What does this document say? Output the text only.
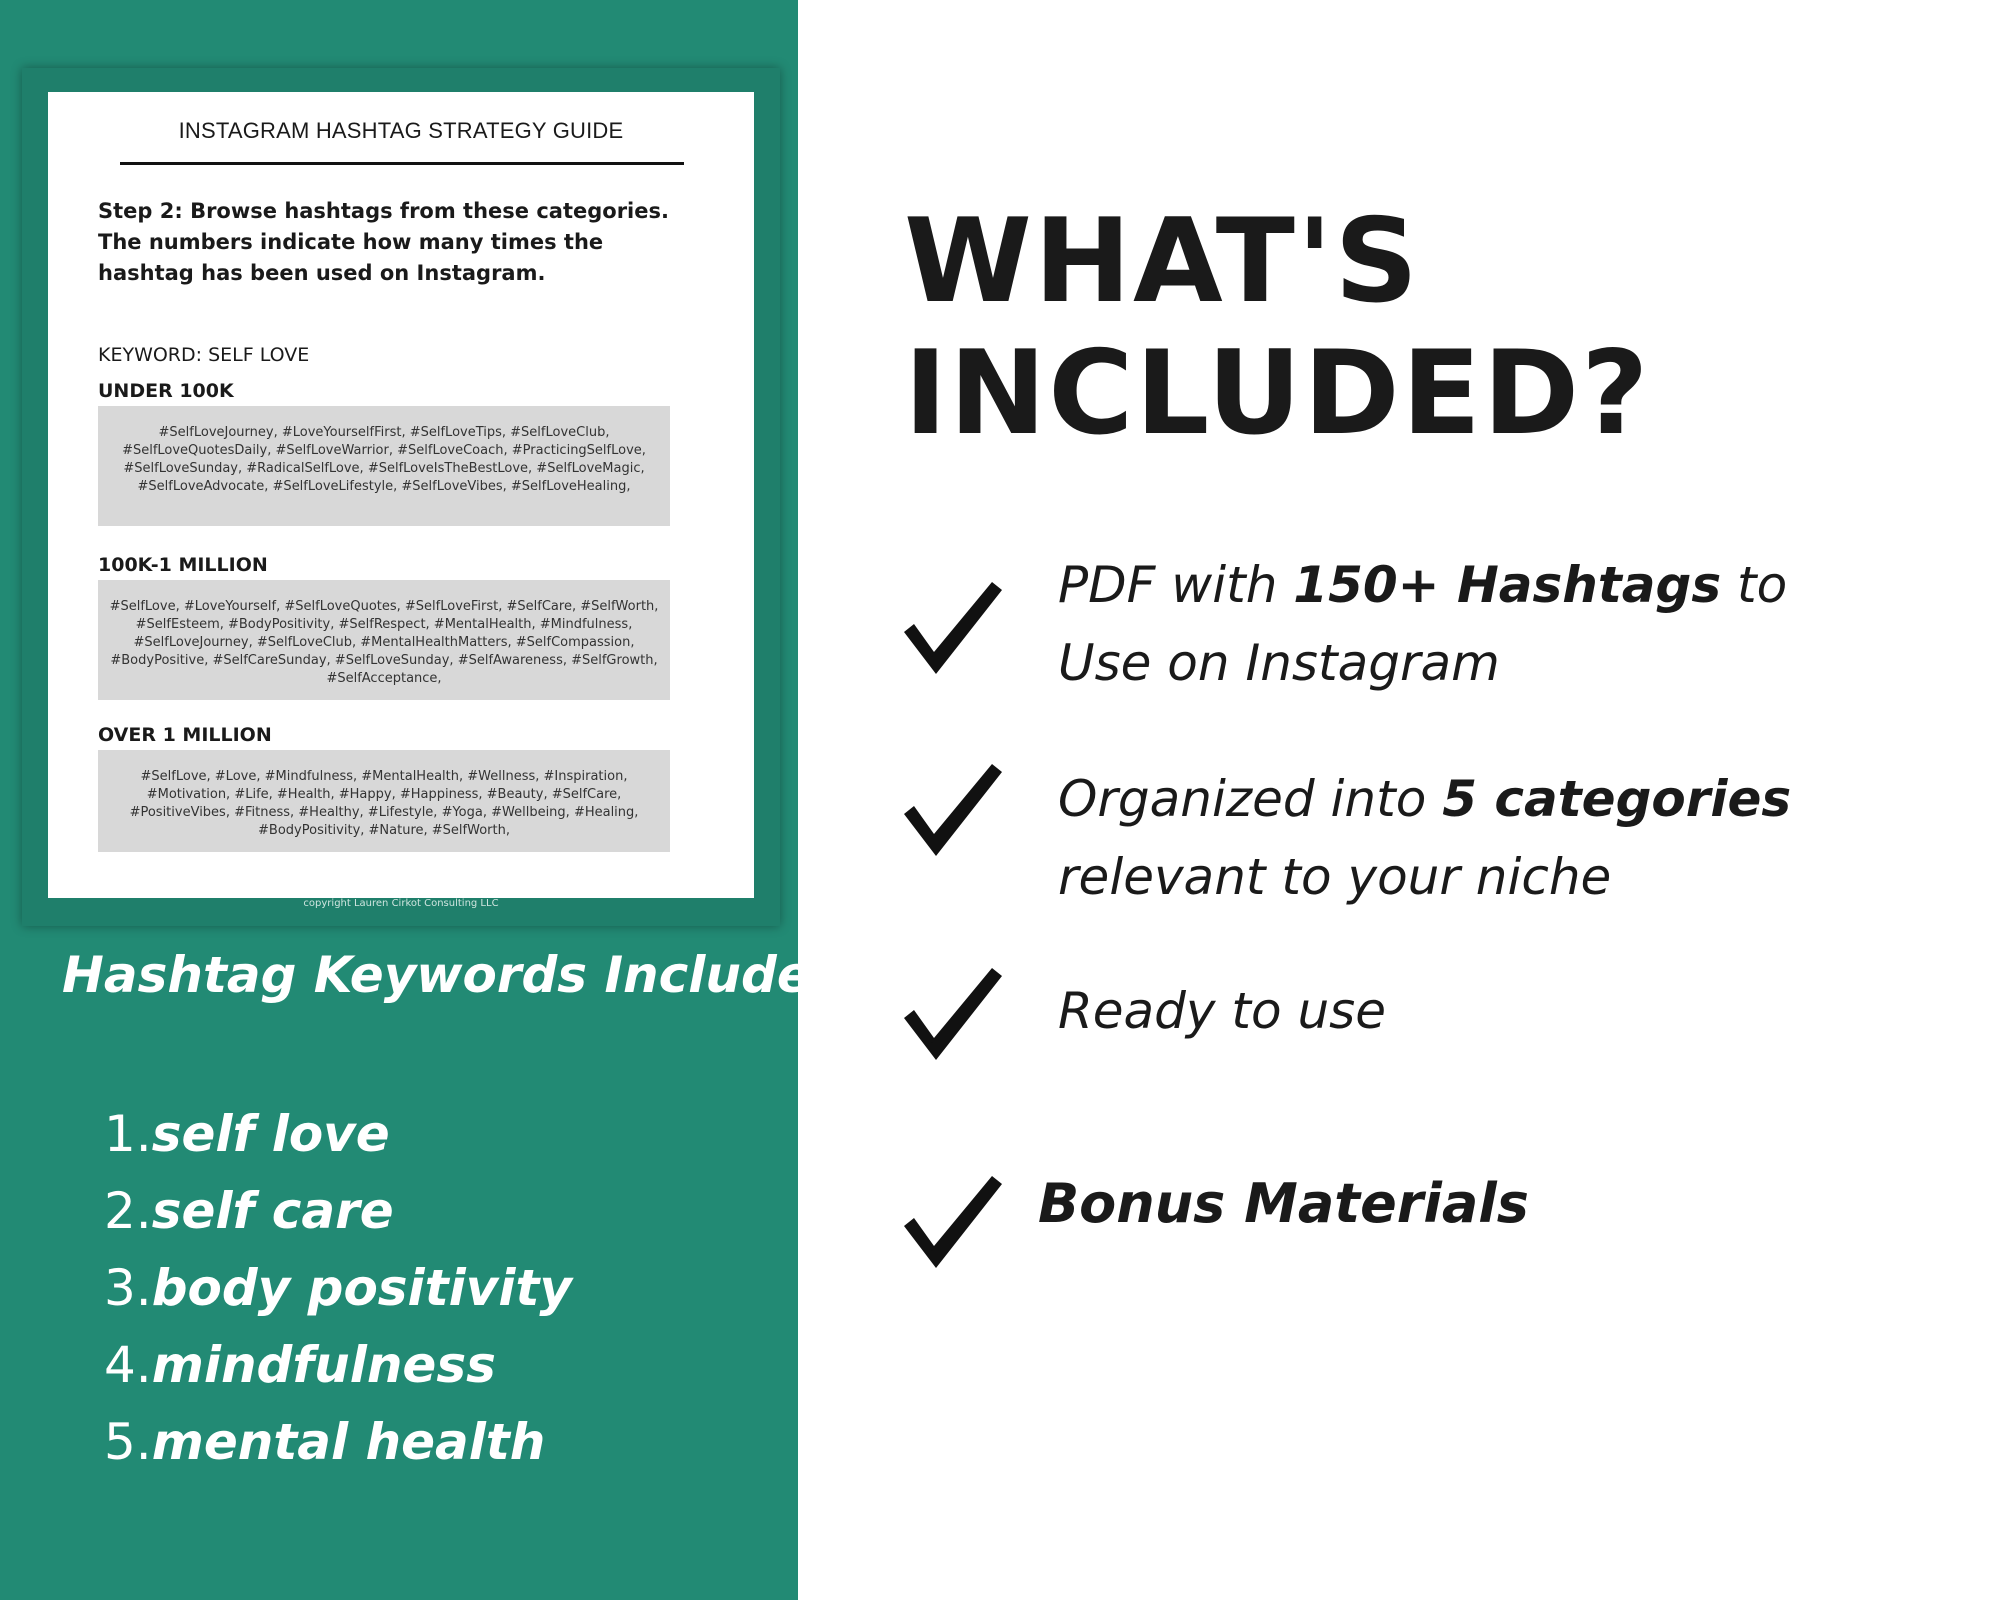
INSTAGRAM HASHTAG STRATEGY GUIDE
Step 2: Browse hashtags from these categories. The numbers indicate how many times the hashtag has been used on Instagram.
KEYWORD: SELF LOVE
UNDER 100K
#SelfLoveJourney, #LoveYourselfFirst, #SelfLoveTips, #SelfLoveClub, #SelfLoveQuotesDaily, #SelfLoveWarrior, #SelfLoveCoach, #PracticingSelfLove, #SelfLoveSunday, #RadicalSelfLove, #SelfLoveIsTheBestLove, #SelfLoveMagic, #SelfLoveAdvocate, #SelfLoveLifestyle, #SelfLoveVibes, #SelfLoveHealing,
100K-1 MILLION
#SelfLove, #LoveYourself, #SelfLoveQuotes, #SelfLoveFirst, #SelfCare, #SelfWorth, #SelfEsteem, #BodyPositivity, #SelfRespect, #MentalHealth, #Mindfulness, #SelfLoveJourney, #SelfLoveClub, #MentalHealthMatters, #SelfCompassion, #BodyPositive, #SelfCareSunday, #SelfLoveSunday, #SelfAwareness, #SelfGrowth, #SelfAcceptance,
OVER 1 MILLION
#SelfLove, #Love, #Mindfulness, #MentalHealth, #Wellness, #Inspiration, #Motivation, #Life, #Health, #Happy, #Happiness, #Beauty, #SelfCare, #PositiveVibes, #Fitness, #Healthy, #Lifestyle, #Yoga, #Wellbeing, #Healing, #BodyPositivity, #Nature, #SelfWorth,
copyright Lauren Cirkot Consulting LLC
Hashtag Keywords Include:
1.self love
2.self care
3.body positivity
4.mindfulness
5.mental health
WHAT'S
INCLUDED?
PDF with 150+ Hashtags to Use on Instagram
Organized into 5 categories relevant to your niche
Ready to use
Bonus Materials
